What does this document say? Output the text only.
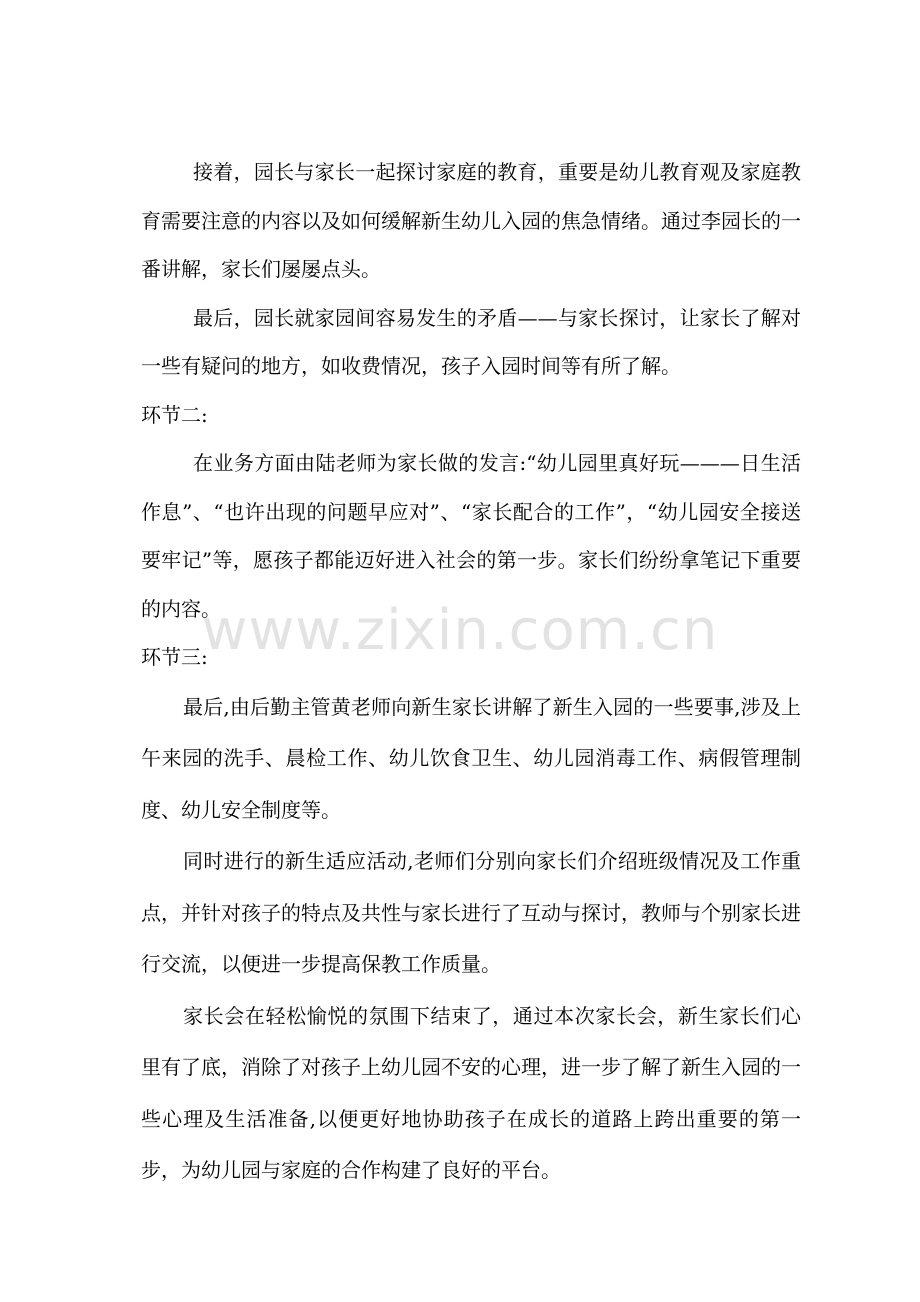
接着，园长与家长一起探讨家庭的教育，重要是幼儿教育观及家庭教育需要注意的内容以及如何缓解新生幼儿入园的焦急情绪。通过李园长的一番讲解，家长们屡屡点头。

最后，园长就家园间容易发生的矛盾——与家长探讨，让家长了解对一些有疑问的地方，如收费情况，孩子入园时间等有所了解。

环节二:

在业务方面由陆老师为家长做的发言:“幼儿园里真好玩———日生活作息”、“也许出现的问题早应对”、“家长配合的工作”，“幼儿园安全接送要牢记”等，愿孩子都能迈好进入社会的第一步。家长们纷纷拿笔记下重要的内容。

环节三:

最后,由后勤主管黄老师向新生家长讲解了新生入园的一些要事,涉及上午来园的洗手、晨检工作、幼儿饮食卫生、幼儿园消毒工作、病假管理制度、幼儿安全制度等。

同时进行的新生适应活动,老师们分别向家长们介绍班级情况及工作重点，并针对孩子的特点及共性与家长进行了互动与探讨，教师与个别家长进行交流，以便进一步提高保教工作质量。

家长会在轻松愉悦的氛围下结束了，通过本次家长会，新生家长们心里有了底，消除了对孩子上幼儿园不安的心理，进一步了解了新生入园的一些心理及生活准备,以便更好地协助孩子在成长的道路上跨出重要的第一步，为幼儿园与家庭的合作构建了良好的平台。

www.zixin.com.cn
